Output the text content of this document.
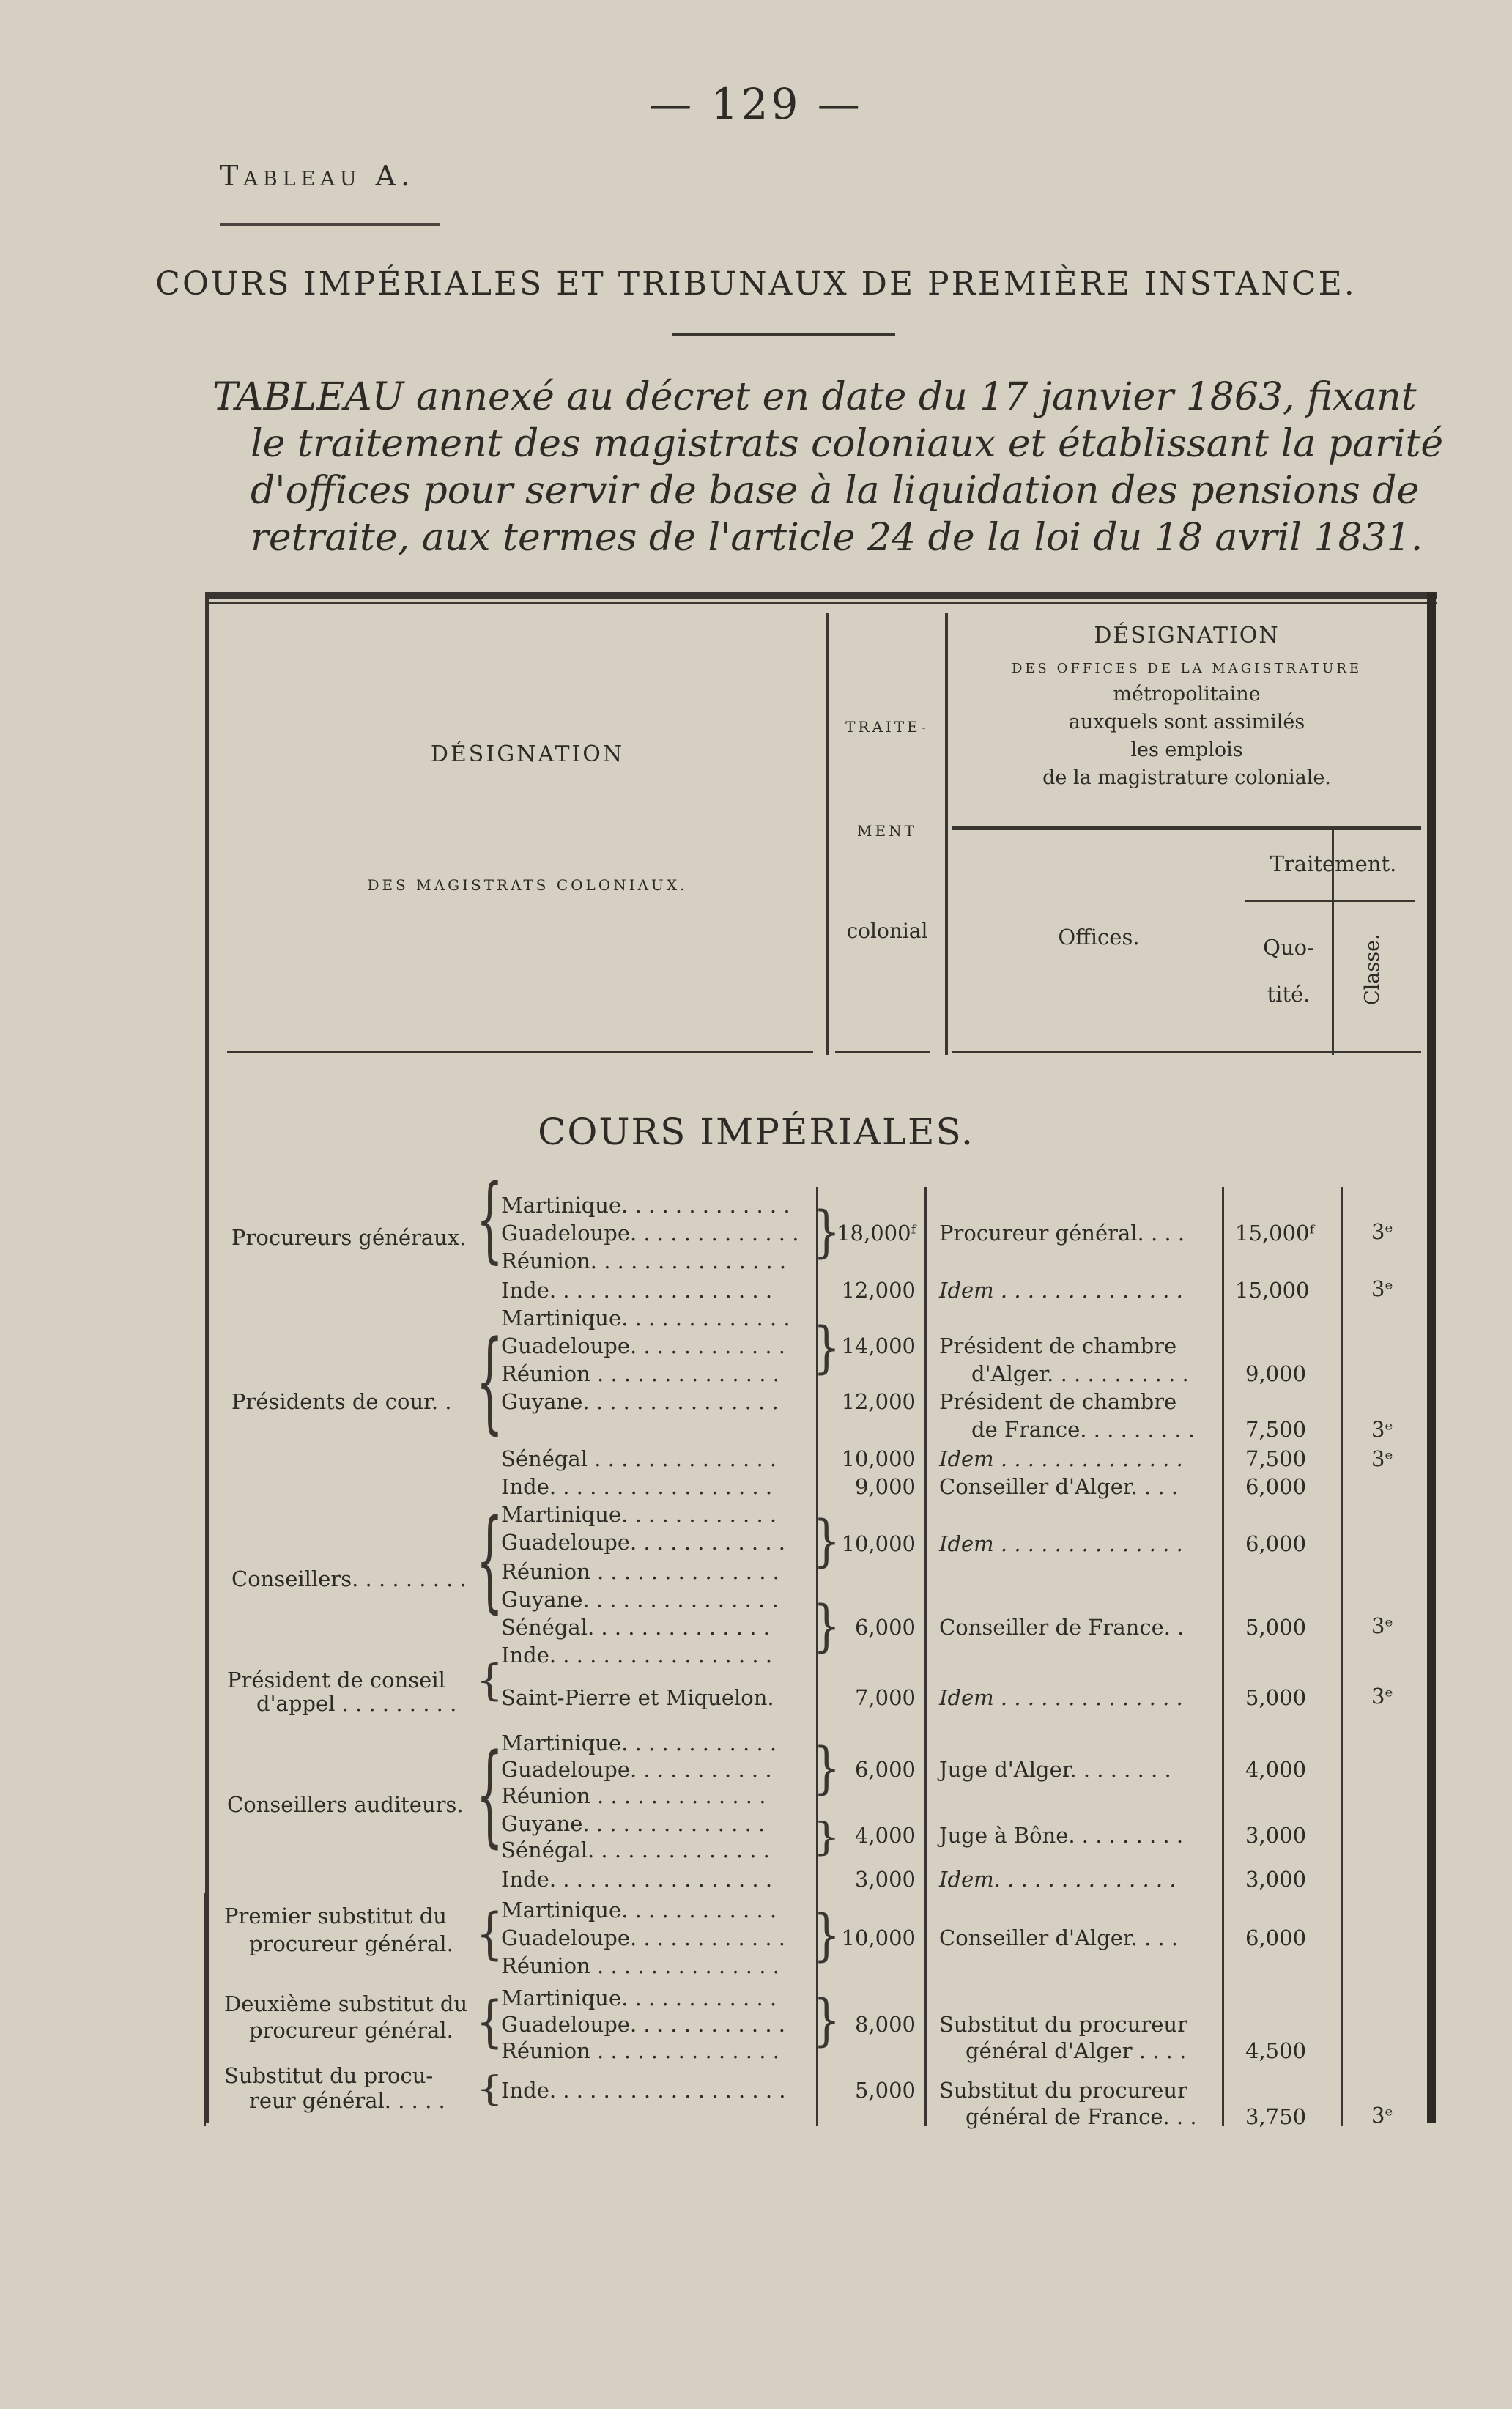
— 129 —
Tableau A.
COURS IMPÉRIALES ET TRIBUNAUX DE PREMIÈRE INSTANCE.
TABLEAU annexé au décret en date du 17 janvier 1863, fixant
le traitement des magistrats coloniaux et établissant la parité
d'offices pour servir de base à la liquidation des pensions de
retraite, aux termes de l'article 24 de la loi du 18 avril 1831.
DÉSIGNATION
DES MAGISTRATS COLONIAUX.
TRAITE-
MENT
colonial
DÉSIGNATION
DES OFFICES DE LA MAGISTRATURE
métropolitaine
auxquels sont assimilés
les emplois
de la magistrature coloniale.
Traitement.
Offices.	Quo-
tité.	Classe.
COURS IMPÉRIALES.
Procureurs généraux.
Présidents de cour. .
Conseillers. . . . . . . . .
Président de conseil
d'appel . . . . . . . . .
Conseillers auditeurs.
Premier substitut du
procureur général.
Deuxième substitut du
procureur général.
Substitut du procu-
reur général. . . . .
{
{
{
{
{
{
{
{
Martinique. . . . . . . . . . . . .
Guadeloupe. . . . . . . . . . . . .
Réunion. . . . . . . . . . . . . . .
Inde. . . . . . . . . . . . . . . . .
Martinique. . . . . . . . . . . . .
Guadeloupe. . . . . . . . . . . .
Réunion . . . . . . . . . . . . . .
Guyane. . . . . . . . . . . . . . .
Sénégal . . . . . . . . . . . . . .
Inde. . . . . . . . . . . . . . . . .
Martinique. . . . . . . . . . . .
Guadeloupe. . . . . . . . . . . .
Réunion . . . . . . . . . . . . . .
Guyane. . . . . . . . . . . . . . .
Sénégal. . . . . . . . . . . . . .
Inde. . . . . . . . . . . . . . . . .
Saint-Pierre et Miquelon.
Martinique. . . . . . . . . . . .
Guadeloupe. . . . . . . . . . .
Réunion . . . . . . . . . . . . .
Guyane. . . . . . . . . . . . . .
Sénégal. . . . . . . . . . . . . .
Inde. . . . . . . . . . . . . . . . .
Martinique. . . . . . . . . . . .
Guadeloupe. . . . . . . . . . . .
Réunion . . . . . . . . . . . . . .
Martinique. . . . . . . . . . . .
Guadeloupe. . . . . . . . . . . .
Réunion . . . . . . . . . . . . . .
Inde. . . . . . . . . . . . . . . . . .
}
}
}
}
}
}
}
}
18,000ᶠ
12,000
14,000
12,000
10,000
9,000
10,000
6,000
7,000
6,000
4,000
3,000
10,000
8,000
5,000
Procureur général. . . .
Idem . . . . . . . . . . . . . .
Président de chambre
d'Alger. . . . . . . . . . .
Président de chambre
de France. . . . . . . . .
Idem . . . . . . . . . . . . . .
Conseiller d'Alger. . . .
Idem . . . . . . . . . . . . . .
Conseiller de France. .
Idem . . . . . . . . . . . . . .
Juge d'Alger. . . . . . . .
Juge à Bône. . . . . . . . .
Idem. . . . . . . . . . . . . .
Conseiller d'Alger. . . .
Substitut du procureur
général d'Alger . . . .
Substitut du procureur
général de France. . .
15,000ᶠ
15,000
9,000
7,500
7,500
6,000
6,000
5,000
5,000
4,000
3,000
3,000
6,000
4,500
3,750
3ᵉ
3ᵉ
3ᵉ
3ᵉ
3ᵉ
3ᵉ
3ᵉ
